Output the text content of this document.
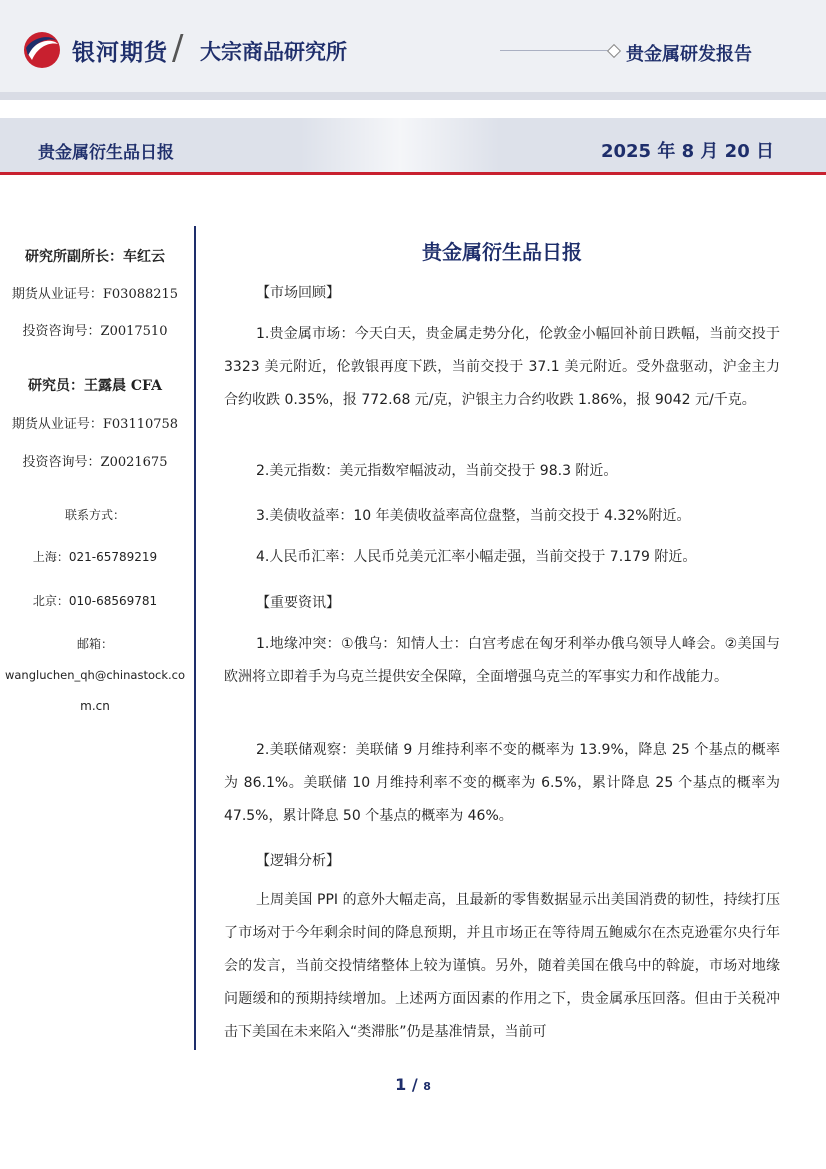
银河期货 / 大宗商品研究所	贵金属研发报告
贵金属衍生品日报	2025 年 8 月 20 日
研究所副所长：车红云
期货从业证号：F03088215
投资咨询号：Z0017510
研究员：王露晨 CFA
期货从业证号：F03110758
投资咨询号：Z0021675
联系方式：
上海：021-65789219
北京：010-68569781
邮箱：
wangluchen_qh@chinastock.co
m.cn
贵金属衍生品日报
【市场回顾】
1.贵金属市场：今天白天，贵金属走势分化，伦敦金小幅回补前日跌幅，当前交投于 3323 美元附近，伦敦银再度下跌，当前交投于 37.1 美元附近。受外盘驱动，沪金主力合约收跌 0.35%，报 772.68 元/克，沪银主力合约收跌 1.86%，报 9042 元/千克。
2.美元指数：美元指数窄幅波动，当前交投于 98.3 附近。
3.美债收益率：10 年美债收益率高位盘整，当前交投于 4.32%附近。
4.人民币汇率：人民币兑美元汇率小幅走强，当前交投于 7.179 附近。
【重要资讯】
1.地缘冲突：①俄乌：知情人士：白宫考虑在匈牙利举办俄乌领导人峰会。②美国与欧洲将立即着手为乌克兰提供安全保障，全面增强乌克兰的军事实力和作战能力。
2.美联储观察：美联储 9 月维持利率不变的概率为 13.9%，降息 25 个基点的概率为 86.1%。美联储 10 月维持利率不变的概率为 6.5%，累计降息 25 个基点的概率为 47.5%，累计降息 50 个基点的概率为 46%。
【逻辑分析】
上周美国 PPI 的意外大幅走高，且最新的零售数据显示出美国消费的韧性，持续打压了市场对于今年剩余时间的降息预期，并且市场正在等待周五鲍威尔在杰克逊霍尔央行年会的发言，当前交投情绪整体上较为谨慎。另外，随着美国在俄乌中的斡旋，市场对地缘问题缓和的预期持续增加。上述两方面因素的作用之下，贵金属承压回落。但由于关税冲击下美国在未来陷入“类滞胀”仍是基准情景，当前可
1 / 8
